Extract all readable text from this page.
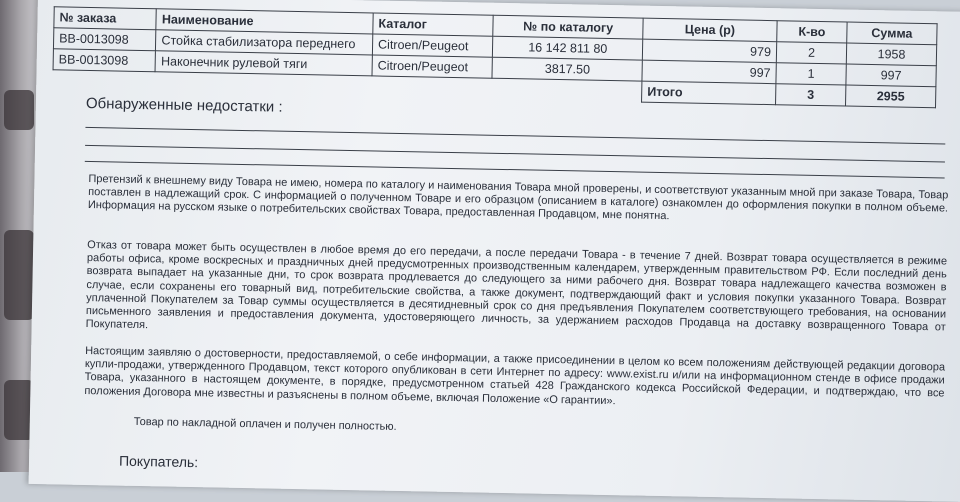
№ заказа	Наименование	Каталог	№ по каталогу	Цена (р)	К-во	Сумма
BB-0013098	Стойка стабилизатора переднего	Citroen/Peugeot	16 142 811 80	979	2	1958
BB-0013098	Наконечник рулевой тяги	Citroen/Peugeot	3817.50	997	1	997
				Итого	3	2955
Обнаруженные недостатки :
Претензий к внешнему виду Товара не имею, номера по каталогу и наименования Товара мной проверены, и соответствуют указанным мной при заказе Товара, Товар поставлен в надлежащий срок. С информацией о полученном Товаре и его образцом (описанием в каталоге) ознакомлен до оформления покупки в полном объеме. Информация на русском языке о потребительских свойствах Товара, предоставленная Продавцом, мне понятна.
Отказ от товара может быть осуществлен в любое время до его передачи, а после передачи Товара - в течение 7 дней. Возврат товара осуществляется в режиме работы офиса, кроме воскресных и праздничных дней предусмотренных производственным календарем, утвержденным правительством РФ. Если последний день возврата выпадает на указанные дни, то срок возврата продлевается до следующего за ними рабочего дня. Возврат товара надлежащего качества возможен в случае, если сохранены его товарный вид, потребительские свойства, а также документ, подтверждающий факт и условия покупки указанного Товара. Возврат уплаченной Покупателем за Товар суммы осуществляется в десятидневный срок со дня предъявления Покупателем соответствующего требования, на основании письменного заявления и предоставления документа, удостоверяющего личность, за удержанием расходов Продавца на доставку возвращенного Товара от Покупателя.
Настоящим заявляю о достоверности, предоставляемой, о себе информации, а также присоединении в целом ко всем положениям действующей редакции договора купли-продажи, утвержденного Продавцом, текст которого опубликован в сети Интернет по адресу: www.exist.ru и/или на информационном стенде в офисе продажи Товара, указанного в настоящем документе, в порядке, предусмотренном статьей 428 Гражданского кодекса Российской Федерации, и подтверждаю, что все положения Договора мне известны и разъяснены в полном объеме, включая Положение «О гарантии».
Товар по накладной оплачен и получен полностью.
Покупатель:
